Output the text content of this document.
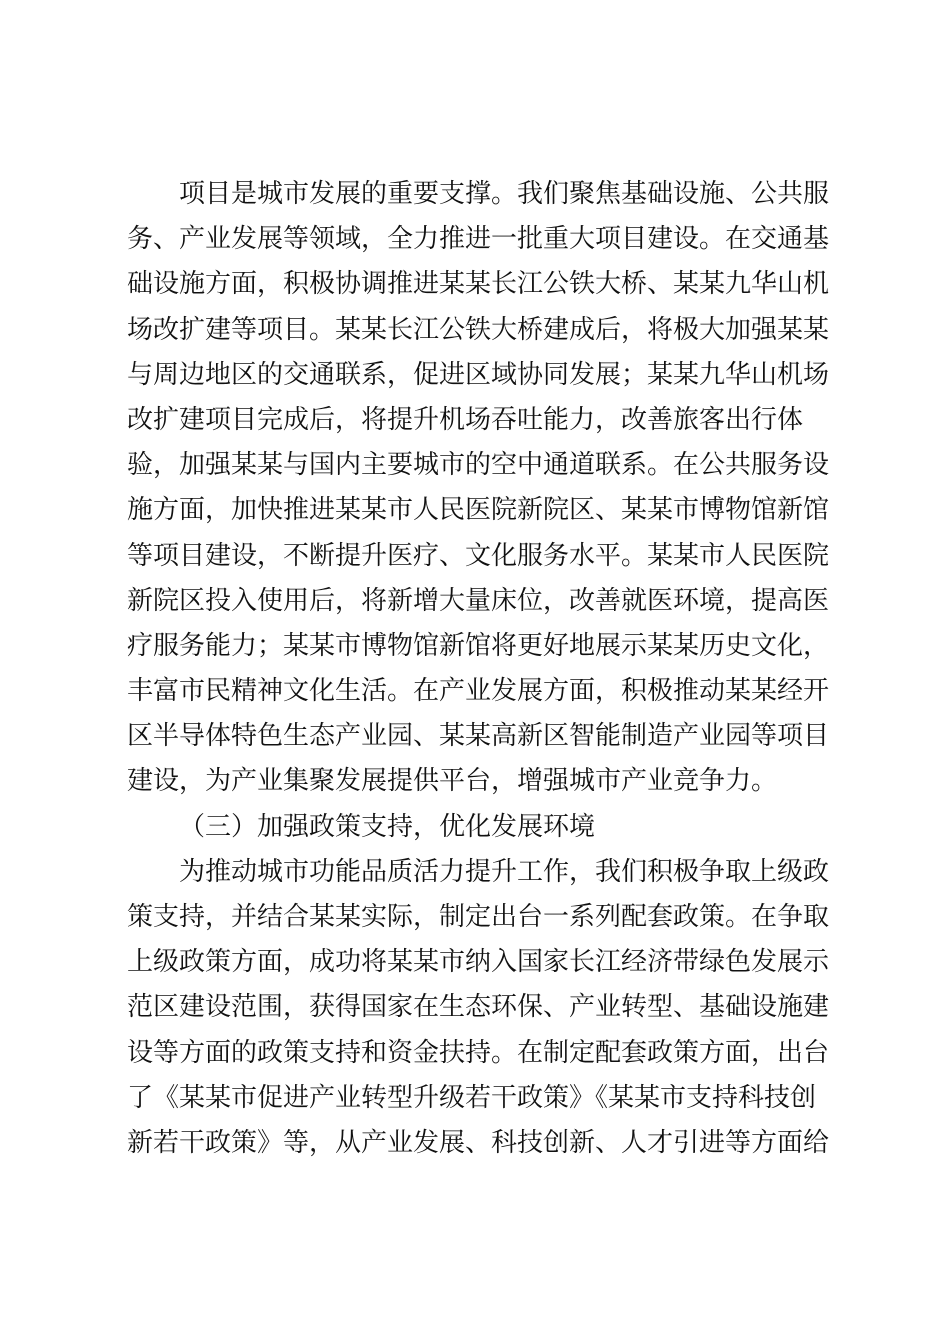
项目是城市发展的重要支撑。我们聚焦基础设施、公共服
务、产业发展等领域，全力推进一批重大项目建设。在交通基
础设施方面，积极协调推进某某长江公铁大桥、某某九华山机
场改扩建等项目。某某长江公铁大桥建成后，将极大加强某某
与周边地区的交通联系，促进区域协同发展；某某九华山机场
改扩建项目完成后，将提升机场吞吐能力，改善旅客出行体
验，加强某某与国内主要城市的空中通道联系。在公共服务设
施方面，加快推进某某市人民医院新院区、某某市博物馆新馆
等项目建设，不断提升医疗、文化服务水平。某某市人民医院
新院区投入使用后，将新增大量床位，改善就医环境，提高医
疗服务能力；某某市博物馆新馆将更好地展示某某历史文化，
丰富市民精神文化生活。在产业发展方面，积极推动某某经开
区半导体特色生态产业园、某某高新区智能制造产业园等项目
建设，为产业集聚发展提供平台，增强城市产业竞争力。
（三）加强政策支持，优化发展环境
为推动城市功能品质活力提升工作，我们积极争取上级政
策支持，并结合某某实际，制定出台一系列配套政策。在争取
上级政策方面，成功将某某市纳入国家长江经济带绿色发展示
范区建设范围，获得国家在生态环保、产业转型、基础设施建
设等方面的政策支持和资金扶持。在制定配套政策方面，出台
了《某某市促进产业转型升级若干政策》《某某市支持科技创
新若干政策》等，从产业发展、科技创新、人才引进等方面给
